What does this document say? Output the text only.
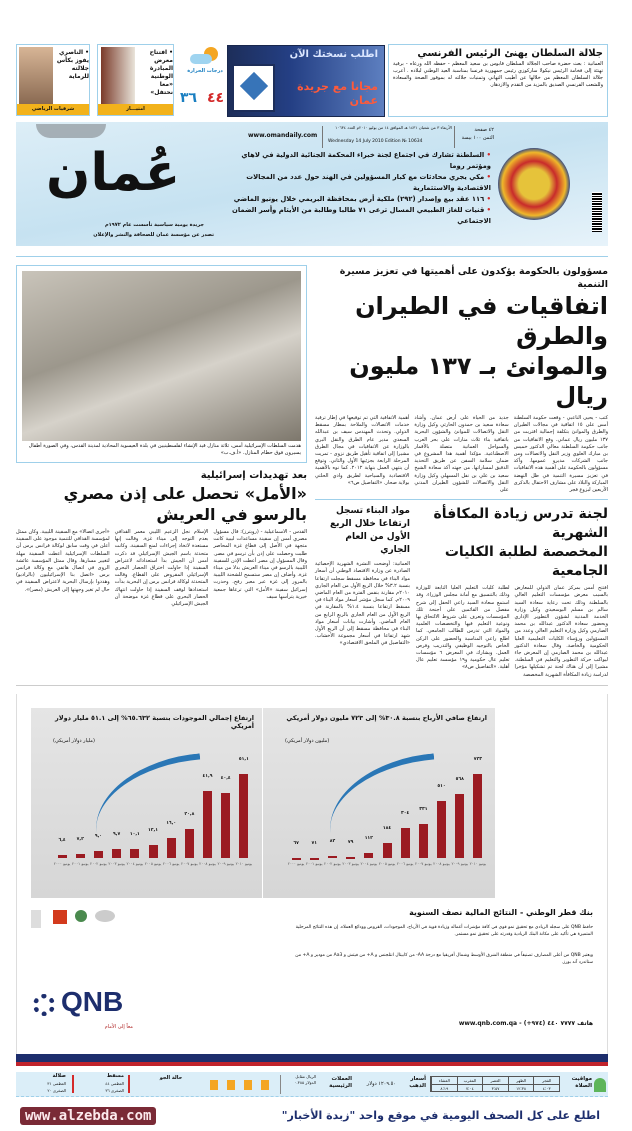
• الناصري يفوز بكأس جلالته للرماية
شرفيات الرياضي
• افتتاح معرض المبادرة الوطنية «معا نحتفل»
امتيـــاز
درجات الحرارة
٤٤
٣٦
اطلب نسختك الآن
مجانا مع جريدة عمان
جلالة السلطان يهنئ الرئيس الفرنسي
العمانية : بعث حضرة صاحب الجلالة السلطان قابوس بن سعيد المعظم - حفظه الله ورعاه - برقية تهنئة إلى فخامة الرئيس نيكولا ساركوزي رئيس جمهورية فرنسا بمناسبة العيد الوطني لبلاده . أعرب جلالة السلطان المعظم من خلالها عن أطيب التهاني وتمنيات جلالته له بموفور الصحة والسعادة وللشعب الفرنسي الصديق بالمزيد من التقدم والازدهار.
عُمان
جريدة يومية سياسية تأسست عام ١٩٧٢م
تصدر عن مؤسسة عمان للصحافة والنشر والإعلان
www.omandaily.com
الأربعاء ٣ من شعبان ١٤٣١ هـ الموافق ١٤ من يوليو ٢٠١٠م العدد ١٠٦٣٤
Wednesday 14 July 2010 Edition № 10634
٤٢ صفحة
الثمن ١٠٠ بيسة
• السلطنة تشارك في اجتماع لجنة خبراء المحكمة الجنائية الدولية في لاهاي ومؤتمر روما
• مكي يجري محادثات مع كبار المسؤولين في الهند حول عدد من المجالات الاقتصادية والاستثمارية
• ١١٦ عقد بيع وإصدار (٢٩٢) ملكية أرض بمحافظة البريمي خلال يونيو الماضي
• قنيات للغاز الطبيعي المسال ترعى ٧١ طالبا وطالبة من الأيتام وأسر الضمان الاجتماعي
مسؤولون بالحكومة يؤكدون على أهميتها في تعزيز مسيرة التنمية
اتفاقيات في الطيران والطرق
والموانئ بـ ١٣٧ مليون ريال
كتب - يحيى الناعبي - وقعت حكومة السلطنة أمس على ١٥ اتفاقية في مجالات الطيران والطرق والموانئ بتكلفة إجمالية اقتربت من ١٣٧ مليون ريال عماني. وقع الاتفاقيات من جانب حكومة السلطنة معالي الدكتور خميس بن مبارك العلوي وزير النقل والاتصالات ومن جانب الشركات مديرو عمومها. وأكد مسؤولون بالحكومة على أهمية هذه الاتفاقيات في تعزيز مسيرة التنمية في ظل النهضة المباركة والبلاد على مشارف الاحتفال بالذكرى الأربعين لبزوغ فجر
جديد من الحياة على أرض عمان. وأشاد سعادة سعيد بن حمدون الحارثي وكيل وزارة النقل والاتصالات للموانئ والشؤون البحرية باتفاقية بناء ثلاث منارات على بحر العرب والسواحل العمانية متصلة بالأقمار الاصطناعية. مؤكدا أهمية هذا المشروع في ضمان سلامة السفن عن طريق التحديد الدقيق لمساراتها. من جهته أكد سعادة الشيخ سعيد بن علي بن نفل المسهلي وكيل وزارة النقل والاتصالات للشؤون الطيران المدني على
أهمية الاتفاقية التي تم توقيعها في إطار ترقية خدمات الاتصالات والملاحة بمطار مسقط الدولي. وتحدث المهندس سيف بن عبدالله السعدي مدير عام الطرق والنقل البري بالوزارة عن الاتفاقيات في مجال الطرق مشيرا إلى اتفاقية تأهيل طريق نزوى - تمريت المرحلة الرابعة بجزئيها الأول والثاني. وتوقع أن ينتهي العمل بنهاية ٢٠١٢. كما نوه بالأهمية الاقتصادية والسياحية لطريق وادي الحلتي بولاية صحار. «التفاصيل ص٦»
لجنة تدرس زيادة المكافأة الشهرية
المخصصة لطلبة الكليات الجامعية
افتتح أمس بمركز عمان الدولي للمعارض بالسيب معرض مؤسسات التعليم العالي بالسلطنة وذلك تحت رعاية سعادة السيد سالم بن مسلم البوسعيدي وكيل وزارة الخدمة المدنية لشؤون التطوير الإداري ويحضور سعادة الدكتور عبدالله بن محمد الصارمي وكيل وزارة التعليم العالي وعدد من المسؤولين ورؤساء الكليات التعليمية العليا الحكومية والخاصة. وقال سعادة الدكتور عبدالله بن محمد الصارمي إن المعرض جاء ليواكب حركة التطوير والتعليم في السلطنة. مشيرا إلى أن هناك لجنة تم تشكيلها مؤخرا لدراسة زيادة المكافأة الشهرية المخصصة
لطلبة كليات التعليم العليا التابعة للوزارة وذلك بالتنسيق مع أمانة مجلس الوزراء. وقد استمع سعادة السيد راعي الحفل إلى شرح مفصل من القائمين على أجنحة تلك المؤسسات وتعرف على شروط الالتحاق بها ونوعية التعليم فيها والتخصصات العلمية والمواد التي تدرس للطالب الجامعي. كما اطلع راعي المناسبة والحضور على الركن الخاص بالتوجيه الوظيفي والتدريب وفرص العمل. ويشارك في المعرض ٦ مؤسسات تعليم عال حكومية و١٩ مؤسسة تعليم عال أهلية. «التفاصيل ص٨»
مواد البناء تسجل ارتفاعا خلال الربع الأول من العام الجاري
العمانية: أوضحت النشرة الشهرية الإحصائية الصادرة عن وزارة الاقتصاد الوطني أن أسعار مواد البناء في محافظة مسقط سجلت ارتفاعا بنسبة ٣.٢% خلال الربع الأول من العام الجاري ٢٠١٠م مقارنة بنفس الفترة من العام الماضي ٢٠٠٩م. كما سجل مؤشر أسعار مواد البناء في مسقط ارتفاعا بنسبة ١.٤% بالمقارنة في الربع الأول من العام الجاري بالربع الرابع من العام الماضي. وأشارت بيانات أسعار مواد البناء في محافظة مسقط إلى أن الربع الأول شهد ارتفاعا في أسعار مجموعة الأخشاب. «التفاصيل في الملحق الاقتصادي»
هدمت السلطات الإسرائيلية أمس، ثلاثة منازل قيد الإنشاء لفلسطينيين في بلدة العيسوية المحاذية لمدينة القدس، وفي الصورة أطفال يسيرون فوق حطام المنازل. «أ.ف.ب»
بعد تهديدات إسرائيلية
«الأمل» تحصل على إذن مصري بالرسو في العريش
القدس - الاسماعيلية - (رويترز): قال مسؤول مصري أمس إن سفينة مساعدات ليبية كانت متجهة في الأصل إلى قطاع غزة المحاصر طلبت وحصلت على إذن بأن ترسو في مصر. وقال المسؤول إن مصر أعطت الإذن للسفينة الليبية بالرسو في ميناء العريش بدلا من ميناء غزة. وأضاف إن مصر ستسمح للشحنة الليبية بالمرور إلى غزة عبر معبر رفح. وحذرت إسرائيل سفينة «الأمل» التي ترعاها جمعية خيرية يترأسها سيف
الإسلام نجل الزعيم الليبي معمر القذافي بعدم التوجه إلى ميناء غزة. وقالت إنها مستعدة لاتخاذ إجراءات لمنع السفينة. وكانت متحدثة باسم الجيش الإسرائيلي قد ذكرت أمس أن الجيش بدأ استعداداته لاعتراض السفينة إذا حاولت اختراق الحصار البحري الإسرائيلي المفروض على القطاع. وقالت المتحدثة لوكالة فرانس برس إن البحرية بدأت استعدادها لوقف السفينة إذا حاولت انتهاك الحصار البحري على قطاع غزة موضحة أن الجيش الإسرائيلي
«أجرى اتصالا» مع السفينة الليبية. وكان ممثل لمؤسسة القذافي للتنمية موجود على السفينة أعلن في وقت سابق لوكالة فرانس برس أن السلطات الإسرائيلية أعطت السفينة مهلة لتغيير مسارها. وقال ممثل المؤسسة عائشة الروى في اتصال هاتفي مع وكالة فرانس برس «اتصل بنا الإسرائيليون (بالراديو) وهددوا بإرسال البحرية لاعتراض السفينة في حال لم تغير وجهتها إلى العريش (مصر)».
ارتفاع إجمالي الموجودات بنسبة ٦٥.٦٣٢% إلى ٥١.١ مليار دولار أمريكي
(مليار دولار أمريكي)
٦,٤
يونيو ٢٠٠٠
٧,٢
يونيو ٢٠٠١
٩,٠
يونيو ٢٠٠٢
٩,٧
يونيو ٢٠٠٣
١٠,١
يونيو ٢٠٠٤
١٢,١
يونيو ٢٠٠٥
١٦,٠
يونيو ٢٠٠٦
٢٠,٨
يونيو ٢٠٠٧
٤١,٩
يونيو ٢٠٠٨
٤٠,٤
يونيو ٢٠٠٩
٥١,١
يونيو ٢٠١٠
ارتفاع صافي الأرباح بنسبة ٣٠.٨% إلى ٧٢٣ مليون دولار أمريكي
(مليون دولار أمريكي)
٦٧
يونيو ٢٠٠٠
٧١
يونيو ٢٠٠١
٨٢
يونيو ٢٠٠٢
٧٩
يونيو ٢٠٠٣
١١٢
يونيو ٢٠٠٤
١٨٤
يونيو ٢٠٠٥
٣٠٤
يونيو ٢٠٠٦
٣٣١
يونيو ٢٠٠٧
٥١٠
يونيو ٢٠٠٨
٥٦٨
يونيو ٢٠٠٩
٧٢٣
يونيو ٢٠١٠
بنك قطر الوطني - النتائج المالية نصف السنوية
حافظ QNB على سجله الريادي مع تحقيق نمو قوي في كافة مؤشرات أعماله وزيادة قوية في الأرباح، الموجودات، القروض وودائع العملاء. إن هذه النتائج المرحلية المتميزة هي تأكيد على مكانة البنك الريادية وقدرته على تحقيق نمو مستمر.
ويعتبر QNB من أعلى المصارف تصنيفاً في منطقة الشرق الأوسط وشمال أفريقيا مع درجة AA- من كابيتال انتلجنس و A+ من فيتش و Aa3 من موديز و A+ من ستاندرد آند بورز.
QNB
معاً إلى الأمام	هاتف ٧٧٧٧ ٤٤٠ (٩٧٤+) - www.qnb.com.qa
مواقيت الصلاة
الفجر
٤:٠٣
الظهر
١٢:٣٨
العصر
٣:٥٧
المغرب
٧:٠٤
العشاء
٨:١٩
أسعار الذهب
١٢٠٩.٥٠ دولار
العملات الرئيسية
الريال مقابل الدولار ٠.٣٨٥
حالة الجو
مسقط
العظمى ٤٤
الصغرى ٣٦
صلالة
العظمى ٣١
الصغرى ٢٠
www.alzebda.com	اطلع على كل الصحف اليومية في موقع واحد "زبدة الأخبار"
